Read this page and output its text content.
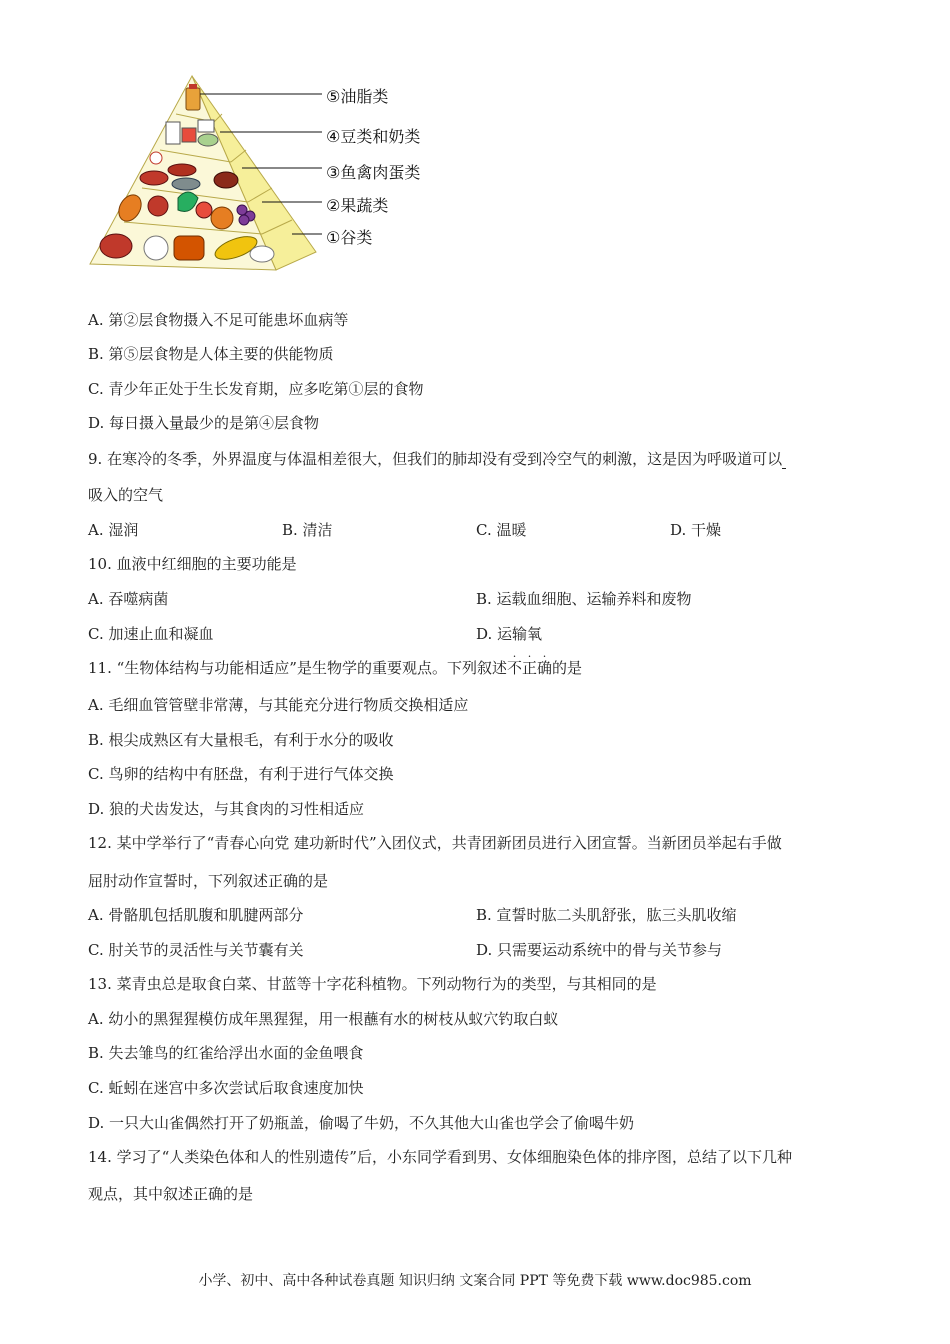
⑤油脂类
④豆类和奶类
③鱼禽肉蛋类
②果蔬类
①谷类
A. 第②层食物摄入不足可能患坏血病等
B. 第⑤层食物是人体主要的供能物质
C. 青少年正处于生长发育期，应多吃第①层的食物
D. 每日摄入量最少的是第④层食物
9. 在寒冷的冬季，外界温度与体温相差很大，但我们的肺却没有受到冷空气的刺激，这是因为呼吸道可以
吸入的空气
A. 湿润	B. 清洁	C. 温暖	D. 干燥
10. 血液中红细胞的主要功能是
A. 吞噬病菌	B. 运载血细胞、运输养料和废物
C. 加速止血和凝血	D. 运输氧
11. “生物体结构与功能相适应”是生物学的重要观点。下列叙述
.
不
.
正
.
确的是
A. 毛细血管管壁非常薄，与其能充分进行物质交换相适应
B. 根尖成熟区有大量根毛，有利于水分的吸收
C. 鸟卵的结构中有胚盘，有利于进行气体交换
D. 狼的犬齿发达，与其食肉的习性相适应
12. 某中学举行了“青春心向党 建功新时代”入团仪式，共青团新团员进行入团宣誓。当新团员举起右手做
屈肘动作宣誓时，下列叙述正确的是
A. 骨骼肌包括肌腹和肌腱两部分	B. 宣誓时肱二头肌舒张，肱三头肌收缩
C. 肘关节的灵活性与关节囊有关	D. 只需要运动系统中的骨与关节参与
13. 菜青虫总是取食白菜、甘蓝等十字花科植物。下列动物行为的类型，与其相同的是
A. 幼小的黑猩猩模仿成年黑猩猩，用一根蘸有水的树枝从蚁穴钓取白蚁
B. 失去雏鸟的红雀给浮出水面的金鱼喂食
C. 蚯蚓在迷宫中多次尝试后取食速度加快
D. 一只大山雀偶然打开了奶瓶盖，偷喝了牛奶，不久其他大山雀也学会了偷喝牛奶
14. 学习了“人类染色体和人的性别遗传”后，小东同学看到男、女体细胞染色体的排序图，总结了以下几种
观点，其中叙述正确的是
小学、初中、高中各种试卷真题 知识归纳 文案合同 PPT 等免费下载 www.doc985.com
